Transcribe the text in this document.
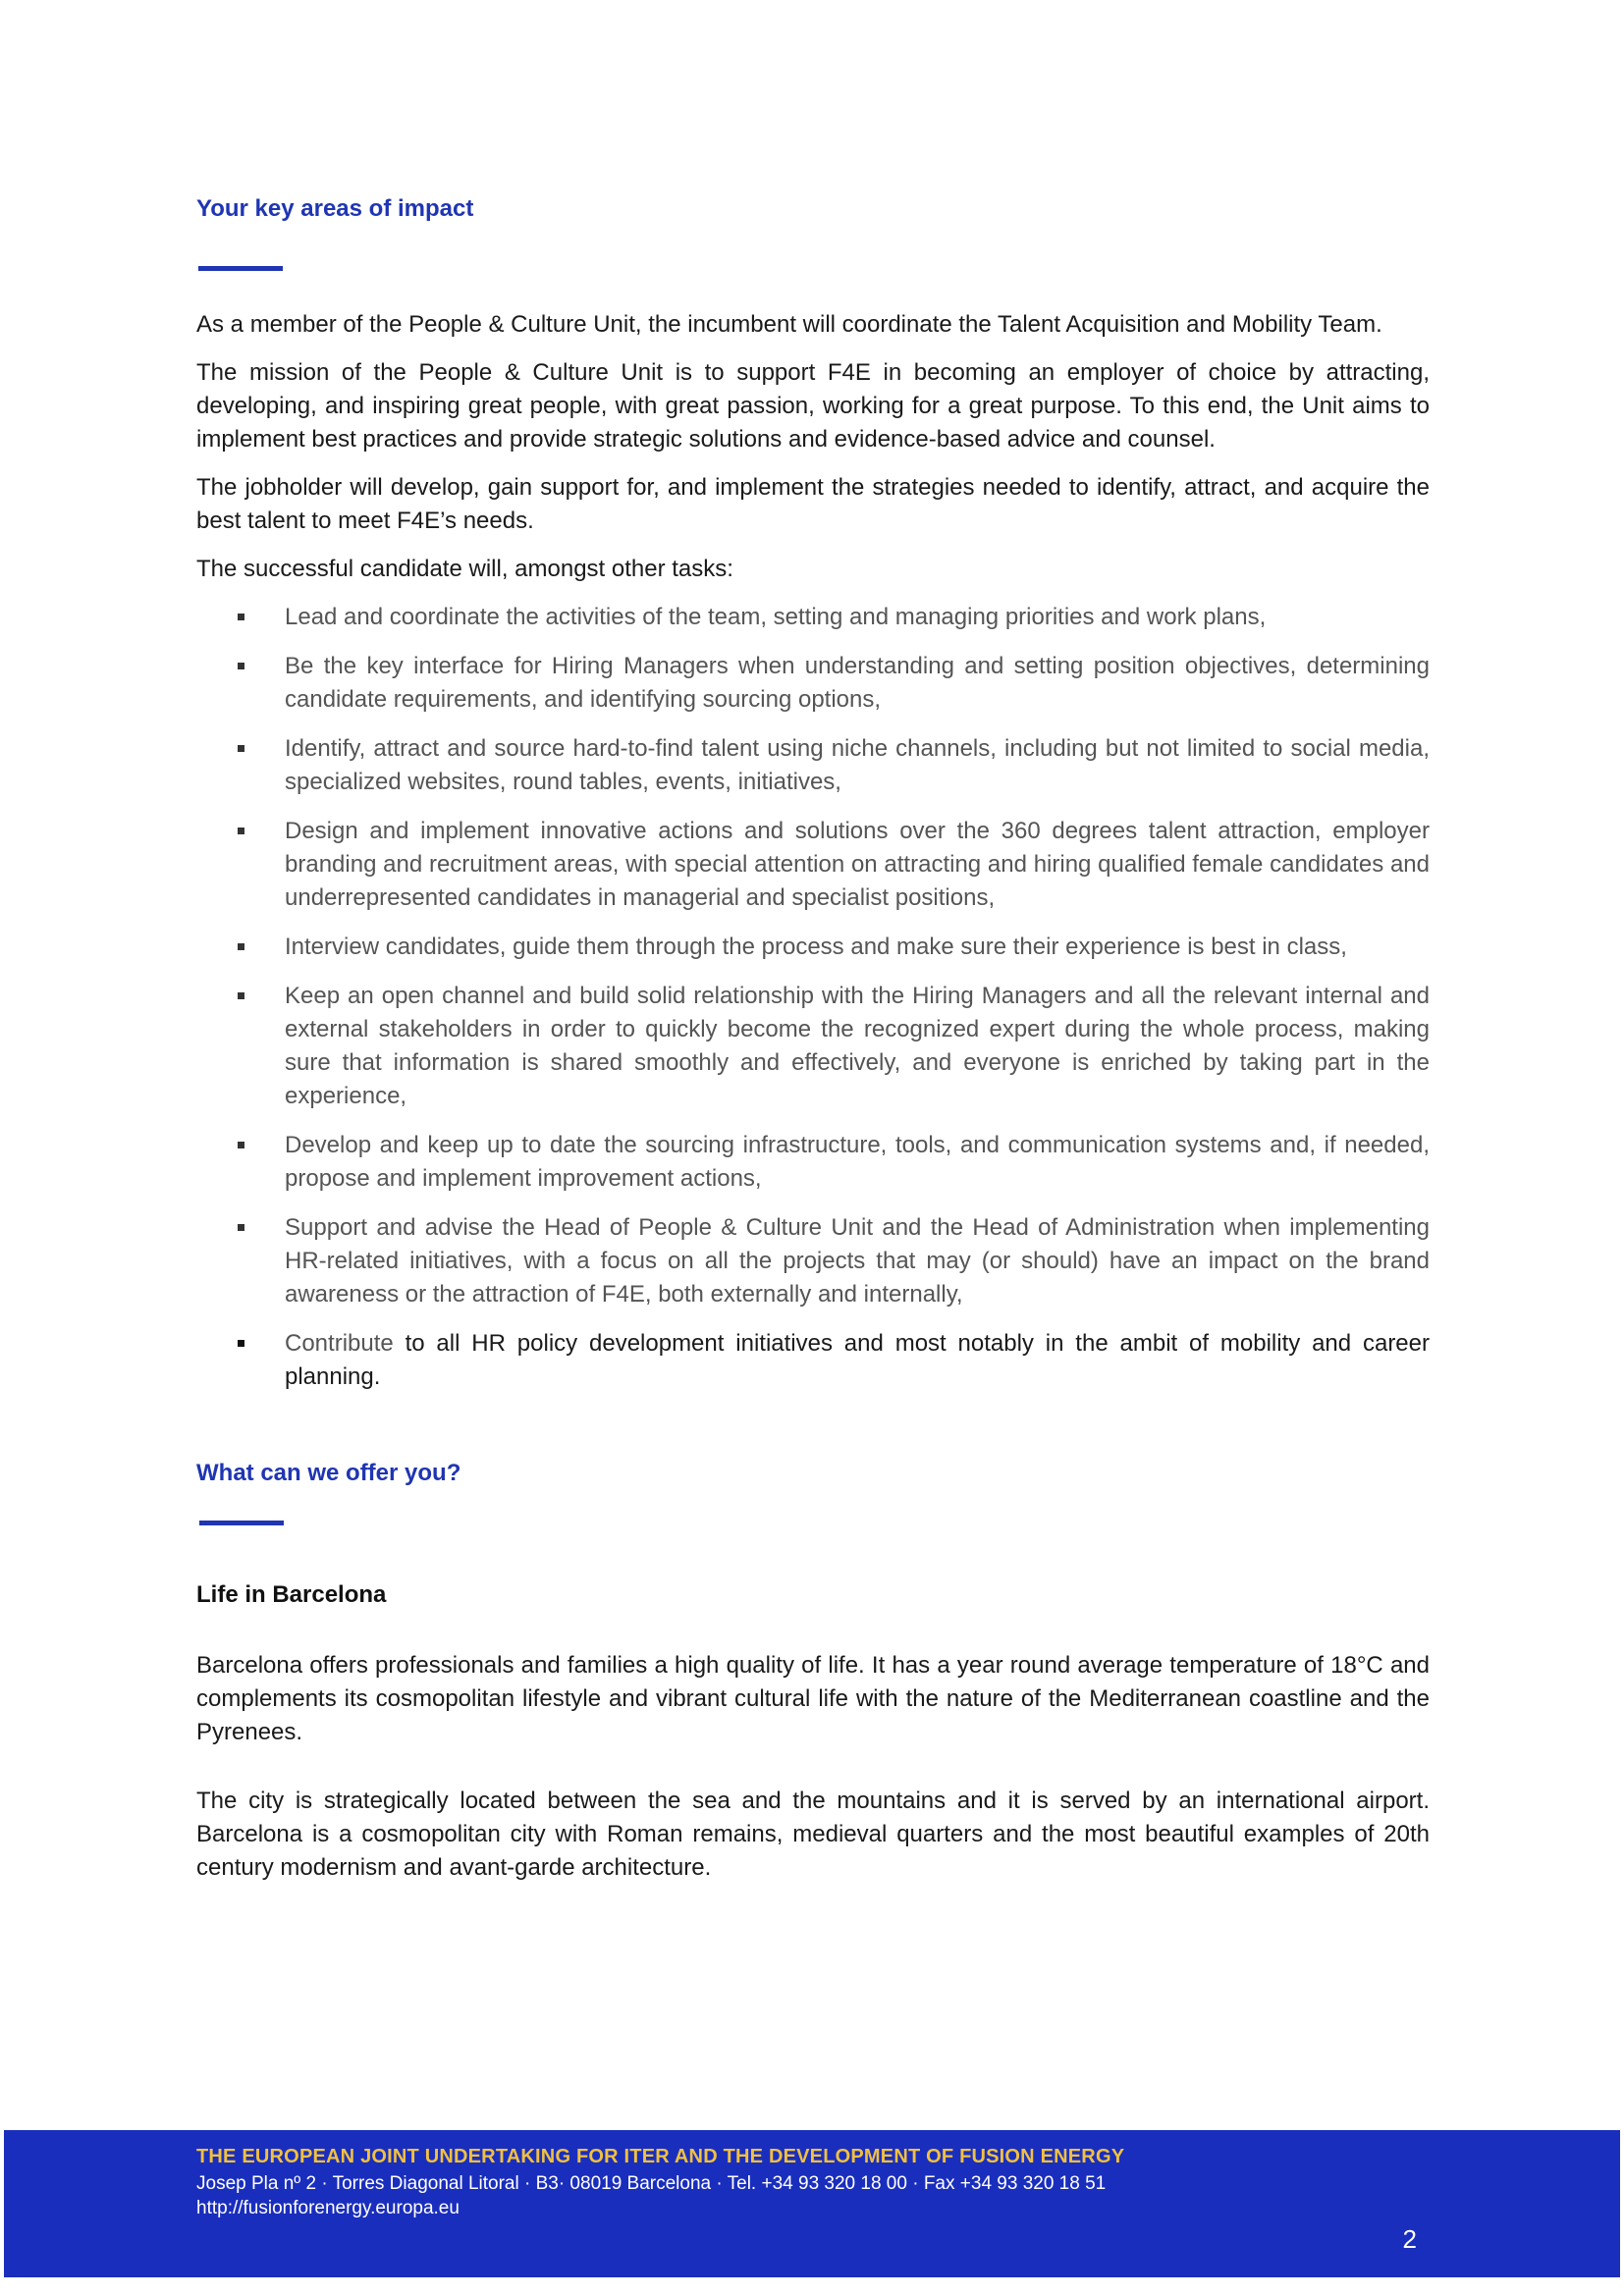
Your key areas of impact

As a member of the People & Culture Unit, the incumbent will coordinate the Talent Acquisition and Mobility Team.

The mission of the People & Culture Unit is to support F4E in becoming an employer of choice by attracting, developing, and inspiring great people, with great passion, working for a great purpose. To this end, the Unit aims to implement best practices and provide strategic solutions and evidence-based advice and counsel.

The jobholder will develop, gain support for, and implement the strategies needed to identify, attract, and acquire the best talent to meet F4E’s needs.

The successful candidate will, amongst other tasks:

Lead and coordinate the activities of the team, setting and managing priorities and work plans,
Be the key interface for Hiring Managers when understanding and setting position objectives, determining candidate requirements, and identifying sourcing options,
Identify, attract and source hard-to-find talent using niche channels, including but not limited to social media, specialized websites, round tables, events, initiatives,
Design and implement innovative actions and solutions over the 360 degrees talent attraction, employer branding and recruitment areas, with special attention on attracting and hiring qualified female candidates and underrepresented candidates in managerial and specialist positions,
Interview candidates, guide them through the process and make sure their experience is best in class,
Keep an open channel and build solid relationship with the Hiring Managers and all the relevant internal and external stakeholders in order to quickly become the recognized expert during the whole process, making sure that information is shared smoothly and effectively, and everyone is enriched by taking part in the experience,
Develop and keep up to date the sourcing infrastructure, tools, and communication systems and, if needed, propose and implement improvement actions,
Support and advise the Head of People & Culture Unit and the Head of Administration when implementing HR-related initiatives, with a focus on all the projects that may (or should) have an impact on the brand awareness or the attraction of F4E, both externally and internally,
Contribute to all HR policy development initiatives and most notably in the ambit of mobility and career planning.
What can we offer you?

Life in Barcelona

Barcelona offers professionals and families a high quality of life. It has a year round average temperature of 18°C and complements its cosmopolitan lifestyle and vibrant cultural life with the nature of the Mediterranean coastline and the Pyrenees.

The city is strategically located between the sea and the mountains and it is served by an international airport. Barcelona is a cosmopolitan city with Roman remains, medieval quarters and the most beautiful examples of 20th century modernism and avant-garde architecture.

THE EUROPEAN JOINT UNDERTAKING FOR ITER AND THE DEVELOPMENT OF FUSION ENERGY
Josep Pla nº 2 · Torres Diagonal Litoral · B3· 08019 Barcelona · Tel. +34 93 320 18 00 · Fax +34 93 320 18 51
http://fusionforenergy.europa.eu
2
